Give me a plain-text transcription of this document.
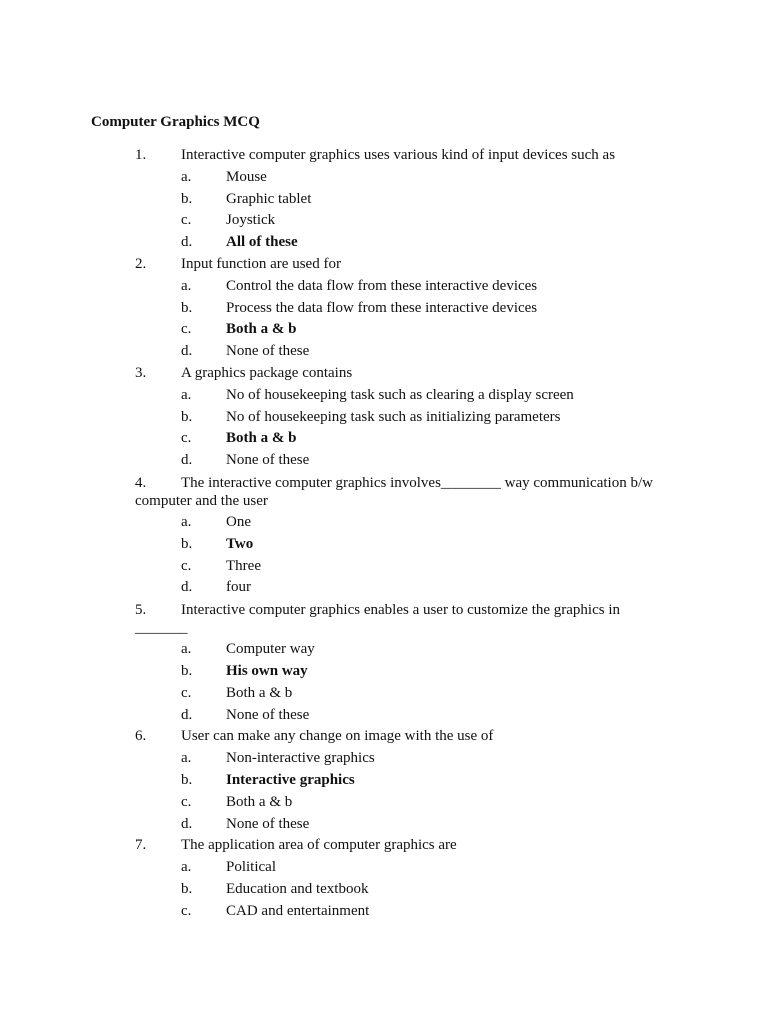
Computer Graphics MCQ
1. Interactive computer graphics uses various kind of input devices such as
a. Mouse
b. Graphic tablet
c. Joystick
d. All of these
2. Input function are used for
a. Control the data flow from these interactive devices
b. Process the data flow from these interactive devices
c. Both a & b
d. None of these
3. A graphics package contains
a. No of housekeeping task such as clearing a display screen
b. No of housekeeping task such as initializing parameters
c. Both a & b
d. None of these
4.	The interactive computer graphics involves________ way communication b/w computer and the user
a. One
b. Two
c. Three
d. four
5.	Interactive computer graphics enables a user to customize the graphics in _______
a. Computer way
b. His own way
c. Both a & b
d. None of these
6. User can make any change on image with the use of
a. Non-interactive graphics
b. Interactive graphics
c. Both a & b
d. None of these
7. The application area of computer graphics are
a. Political
b. Education and textbook
c. CAD and entertainment
